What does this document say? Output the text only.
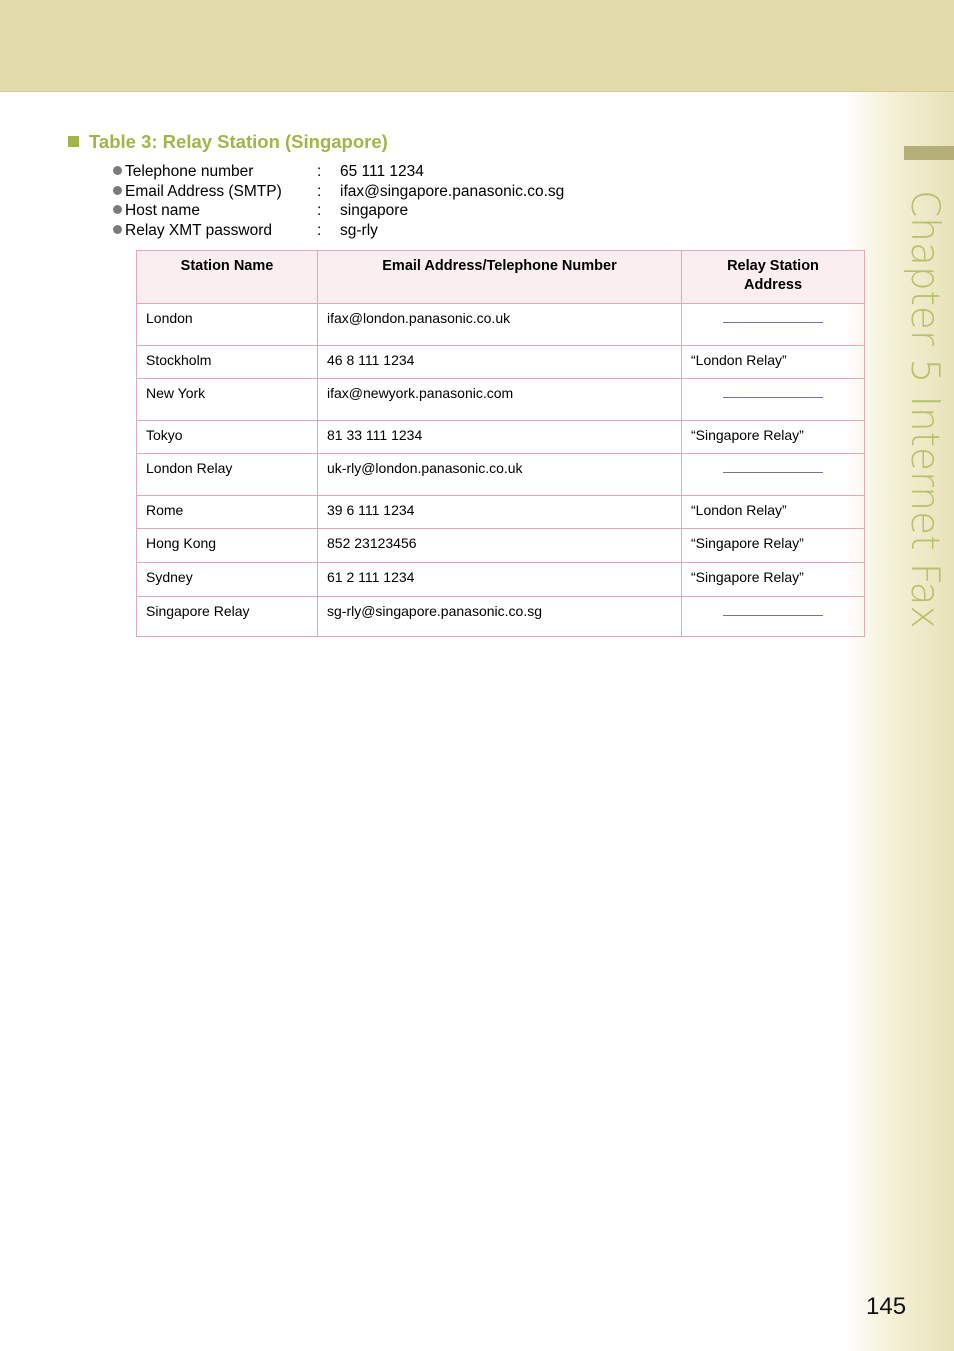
Chapter 5 Internet Fax
Table 3: Relay Station (Singapore)
Telephone number	:	65 111 1234
Email Address (SMTP)	:	ifax@singapore.panasonic.co.sg
Host name	:	singapore
Relay XMT password	:	sg-rly
Station Name	Email Address/Telephone Number	Relay Station Address

London	ifax@london.panasonic.co.uk	

Stockholm	46 8 111 1234	“London Relay”
New York	ifax@newyork.panasonic.com	

Tokyo	81 33 111 1234	“Singapore Relay”
London Relay	uk-rly@london.panasonic.co.uk	

Rome	39 6 111 1234	“London Relay”
Hong Kong	852 23123456	“Singapore Relay”
Sydney	61 2 111 1234	“Singapore Relay”
Singapore Relay	sg-rly@singapore.panasonic.co.sg	
145
